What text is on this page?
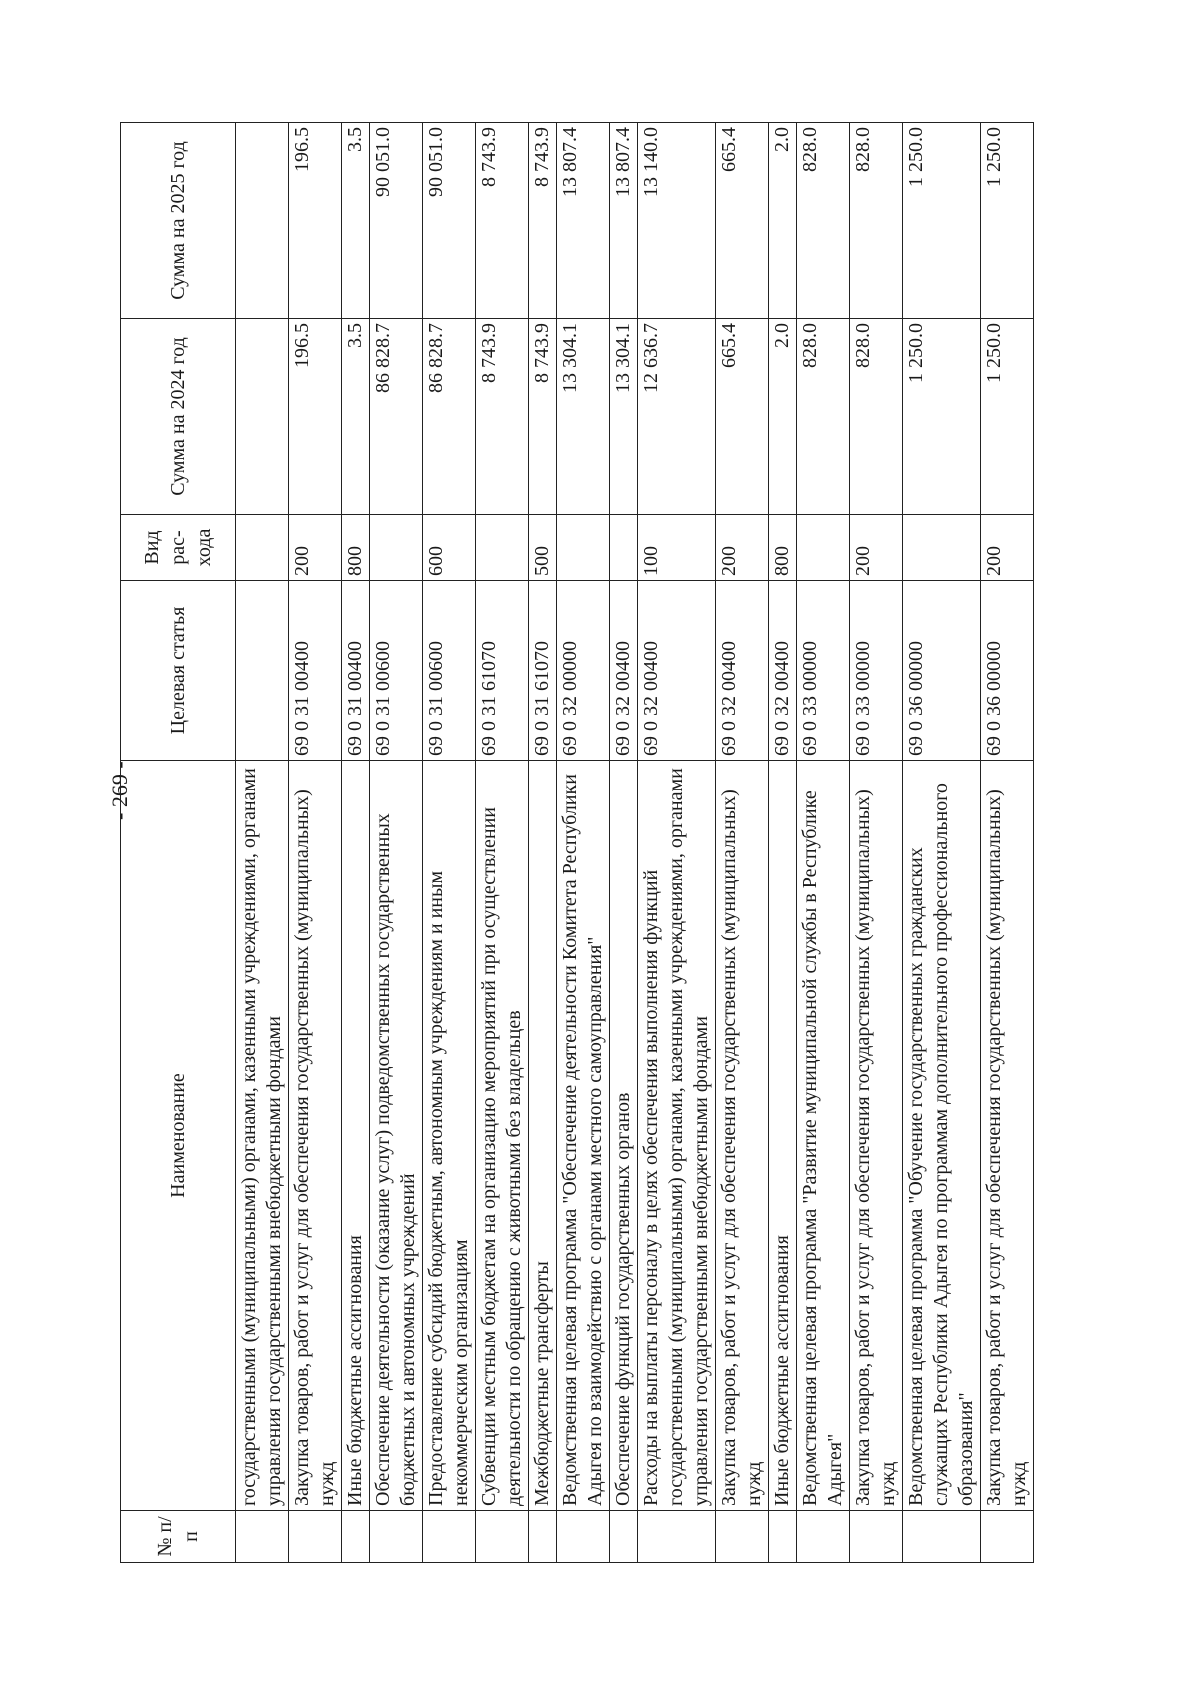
- 269 -
№ п/п	Наименование	Целевая статья	Вид рас-хода	Сумма на 2024 год	Сумма на 2025 год
	государственными (муниципальными) органами, казенными учреждениями, органами управления государственными внебюджетными фондами				
	Закупка товаров, работ и услуг для обеспечения государственных (муниципальных) нужд	69 0 31 00400	200	196.5	196.5
	Иные бюджетные ассигнования	69 0 31 00400	800	3.5	3.5
	Обеспечение деятельности (оказание услуг) подведомственных государственных бюджетных и автономных учреждений	69 0 31 00600		86 828.7	90 051.0
	Предоставление субсидий бюджетным, автономным учреждениям и иным некоммерческим организациям	69 0 31 00600	600	86 828.7	90 051.0
	Субвенции местным бюджетам на организацию мероприятий при осуществлении деятельности по обращению с животными без владельцев	69 0 31 61070		8 743.9	8 743.9
	Межбюджетные трансферты	69 0 31 61070	500	8 743.9	8 743.9
	Ведомственная целевая программа "Обеспечение деятельности Комитета Республики Адыгея по взаимодействию с органами местного самоуправления"	69 0 32 00000		13 304.1	13 807.4
	Обеспечение функций государственных органов	69 0 32 00400		13 304.1	13 807.4
	Расходы на выплаты персоналу в целях обеспечения выполнения функций государственными (муниципальными) органами, казенными учреждениями, органами управления государственными внебюджетными фондами	69 0 32 00400	100	12 636.7	13 140.0
	Закупка товаров, работ и услуг для обеспечения государственных (муниципальных) нужд	69 0 32 00400	200	665.4	665.4
	Иные бюджетные ассигнования	69 0 32 00400	800	2.0	2.0
	Ведомственная целевая программа "Развитие муниципальной службы в Республике Адыгея"	69 0 33 00000		828.0	828.0
	Закупка товаров, работ и услуг для обеспечения государственных (муниципальных) нужд	69 0 33 00000	200	828.0	828.0
	Ведомственная целевая программа "Обучение государственных гражданских служащих Республики Адыгея по программам дополнительного профессионального образования"	69 0 36 00000		1 250.0	1 250.0
	Закупка товаров, работ и услуг для обеспечения государственных (муниципальных) нужд	69 0 36 00000	200	1 250.0	1 250.0
